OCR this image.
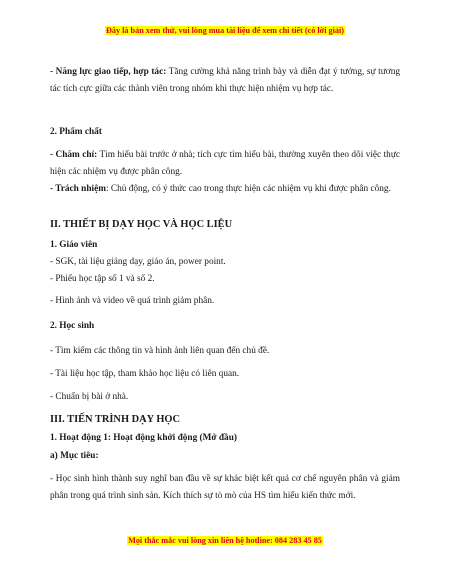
Đây là bản xem thử, vui lòng mua tài liệu để xem chi tiết (có lời giải)
- Năng lực giao tiếp, hợp tác: Tăng cường khả năng trình bày và diễn đạt ý tưởng, sự tương tác tích cực giữa các thành viên trong nhóm khi thực hiện nhiệm vụ hợp tác.
2. Phẩm chất
- Chăm chỉ: Tìm hiểu bài trước ở nhà; tích cực tìm hiểu bài, thường xuyên theo dõi việc thực hiện các nhiệm vụ được phân công.
- Trách nhiệm: Chủ động, có ý thức cao trong thực hiện các nhiệm vụ khi được phân công.
II. THIẾT BỊ DẠY HỌC VÀ HỌC LIỆU
1. Giáo viên
- SGK, tài liệu giảng dạy, giáo án, power point.
- Phiếu học tập số 1 và số 2.
- Hình ảnh và video về quá trình giảm phân.
2. Học sinh
- Tìm kiếm các thông tin và hình ảnh liên quan đến chủ đề.
- Tài liệu học tập, tham khảo học liệu có liên quan.
- Chuẩn bị bài ở nhà.
III. TIẾN TRÌNH DẠY HỌC
1. Hoạt động 1: Hoạt động khởi động (Mở đầu)
a) Mục tiêu:
- Học sinh hình thành suy nghĩ ban đầu về sự khác biệt kết quả cơ chế nguyên phân và giảm phân trong quá trình sinh sản. Kích thích sự tò mò của HS tìm hiểu kiến thức mới.
Mọi thắc mắc vui lòng xin liên hệ hotline: 084 283 45 85
